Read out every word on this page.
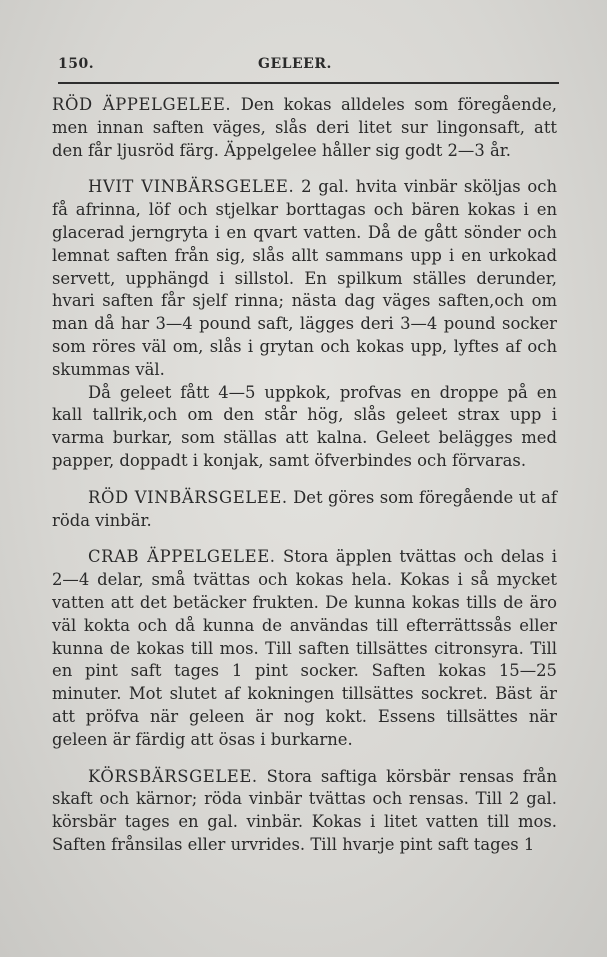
150.	GELEER.

RÖD ÄPPELGELEE. Den kokas alldeles som föregående, men innan saften väges, slås deri litet sur lingonsaft, att den får ljusröd färg. Äppelgelee håller sig godt 2—3 år.

HVIT VINBÄRSGELEE. 2 gal. hvita vinbär sköljas och få afrinna, löf och stjelkar borttagas och bären kokas i en glacerad jerngryta i en qvart vatten. Då de gått sönder och lemnat saften från sig, slås allt sammans upp i en urkokad servett, upphängd i sillstol. En spilkum ställes derunder, hvari saften får sjelf rinna; nästa dag väges saften,och om man då har 3—4 pound saft, lägges deri 3—4 pound socker som röres väl om, slås i grytan och kokas upp, lyftes af och skummas väl.

Då geleet fått 4—5 uppkok, profvas en droppe på en kall tallrik,och om den står hög, slås geleet strax upp i varma burkar, som ställas att kalna. Geleet belägges med papper, doppadt i konjak, samt öfverbindes och förvaras.

RÖD VINBÄRSGELEE. Det göres som föregående ut af röda vinbär.

CRAB ÄPPELGELEE. Stora äpplen tvättas och delas i 2—4 delar, små tvättas och kokas hela. Kokas i så mycket vatten att det betäcker frukten. De kunna kokas tills de äro väl kokta och då kunna de användas till efterrättssås eller kunna de kokas till mos. Till saften tillsättes citronsyra. Till en pint saft tages 1 pint socker. Saften kokas 15—25 minuter. Mot slutet af kokningen tillsättes sockret. Bäst är att pröfva när geleen är nog kokt. Essens tillsättes när geleen är färdig att ösas i burkarne.

KÖRSBÄRSGELEE. Stora saftiga körsbär rensas från skaft och kärnor; röda vinbär tvättas och rensas. Till 2 gal. körsbär tages en gal. vinbär. Kokas i litet vatten till mos. Saften frånsilas eller urvrides. Till hvarje pint saft tages 1
